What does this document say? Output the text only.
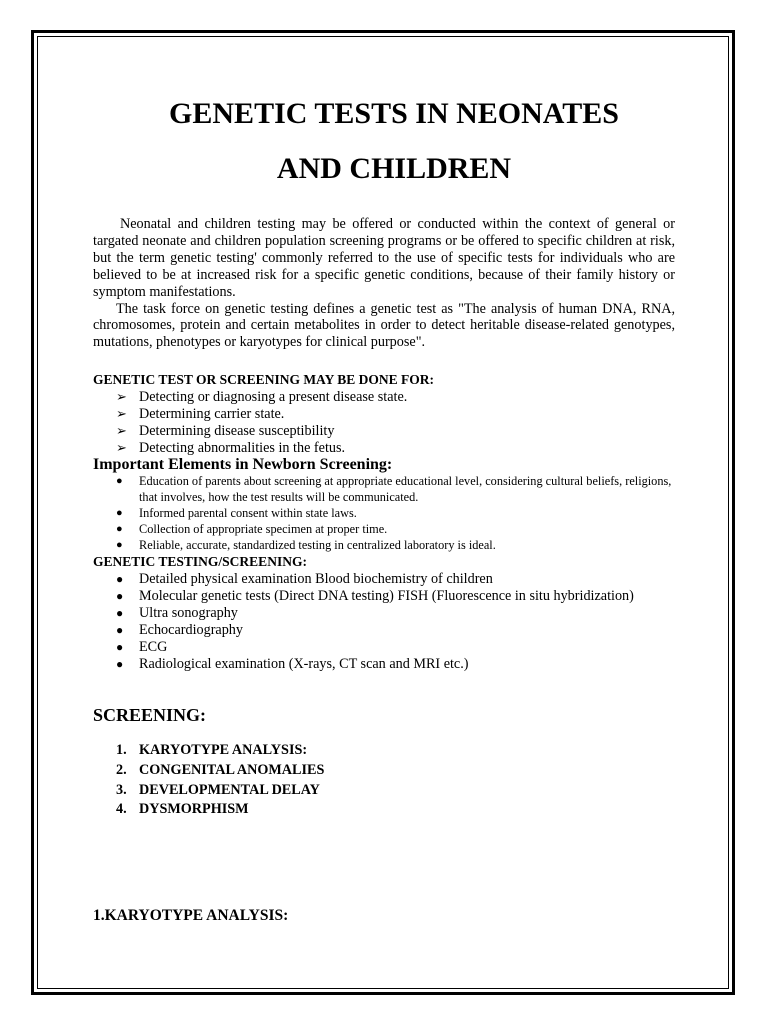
GENETIC TESTS IN NEONATES
AND CHILDREN

Neonatal and children testing may be offered or conducted within the context of general or targated neonate and children population screening programs or be offered to specific children at risk, but the term genetic testing' commonly referred to the use of specific tests for individuals who are believed to be at increased risk for a specific genetic conditions, because of their family history or symptom manifestations.

The task force on genetic testing defines a genetic test as "The analysis of human DNA, RNA, chromosomes, protein and certain metabolites in order to detect heritable disease-related genotypes, mutations, phenotypes or karyotypes for clinical purpose".

GENETIC TEST OR SCREENING MAY BE DONE FOR:

➢ Detecting or diagnosing a present disease state.
➢ Determining carrier state.
➢ Determining disease susceptibility
➢ Detecting abnormalities in the fetus.

Important Elements in Newborn Screening:

● Education of parents about screening at appropriate educational level, considering cultural beliefs, religions, that involves, how the test results will be communicated.
● Informed parental consent within state laws.
● Collection of appropriate specimen at proper time.
● Reliable, accurate, standardized testing in centralized laboratory is ideal.

GENETIC TESTING/SCREENING:

● Detailed physical examination Blood biochemistry of children
● Molecular genetic tests (Direct DNA testing) FISH (Fluorescence in situ hybridization)
● Ultra sonography
● Echocardiography
● ECG
● Radiological examination (X-rays, CT scan and MRI etc.)

SCREENING:

1. KARYOTYPE ANALYSIS:
2. CONGENITAL ANOMALIES
3. DEVELOPMENTAL DELAY
4. DYSMORPHISM

1.KARYOTYPE ANALYSIS:
